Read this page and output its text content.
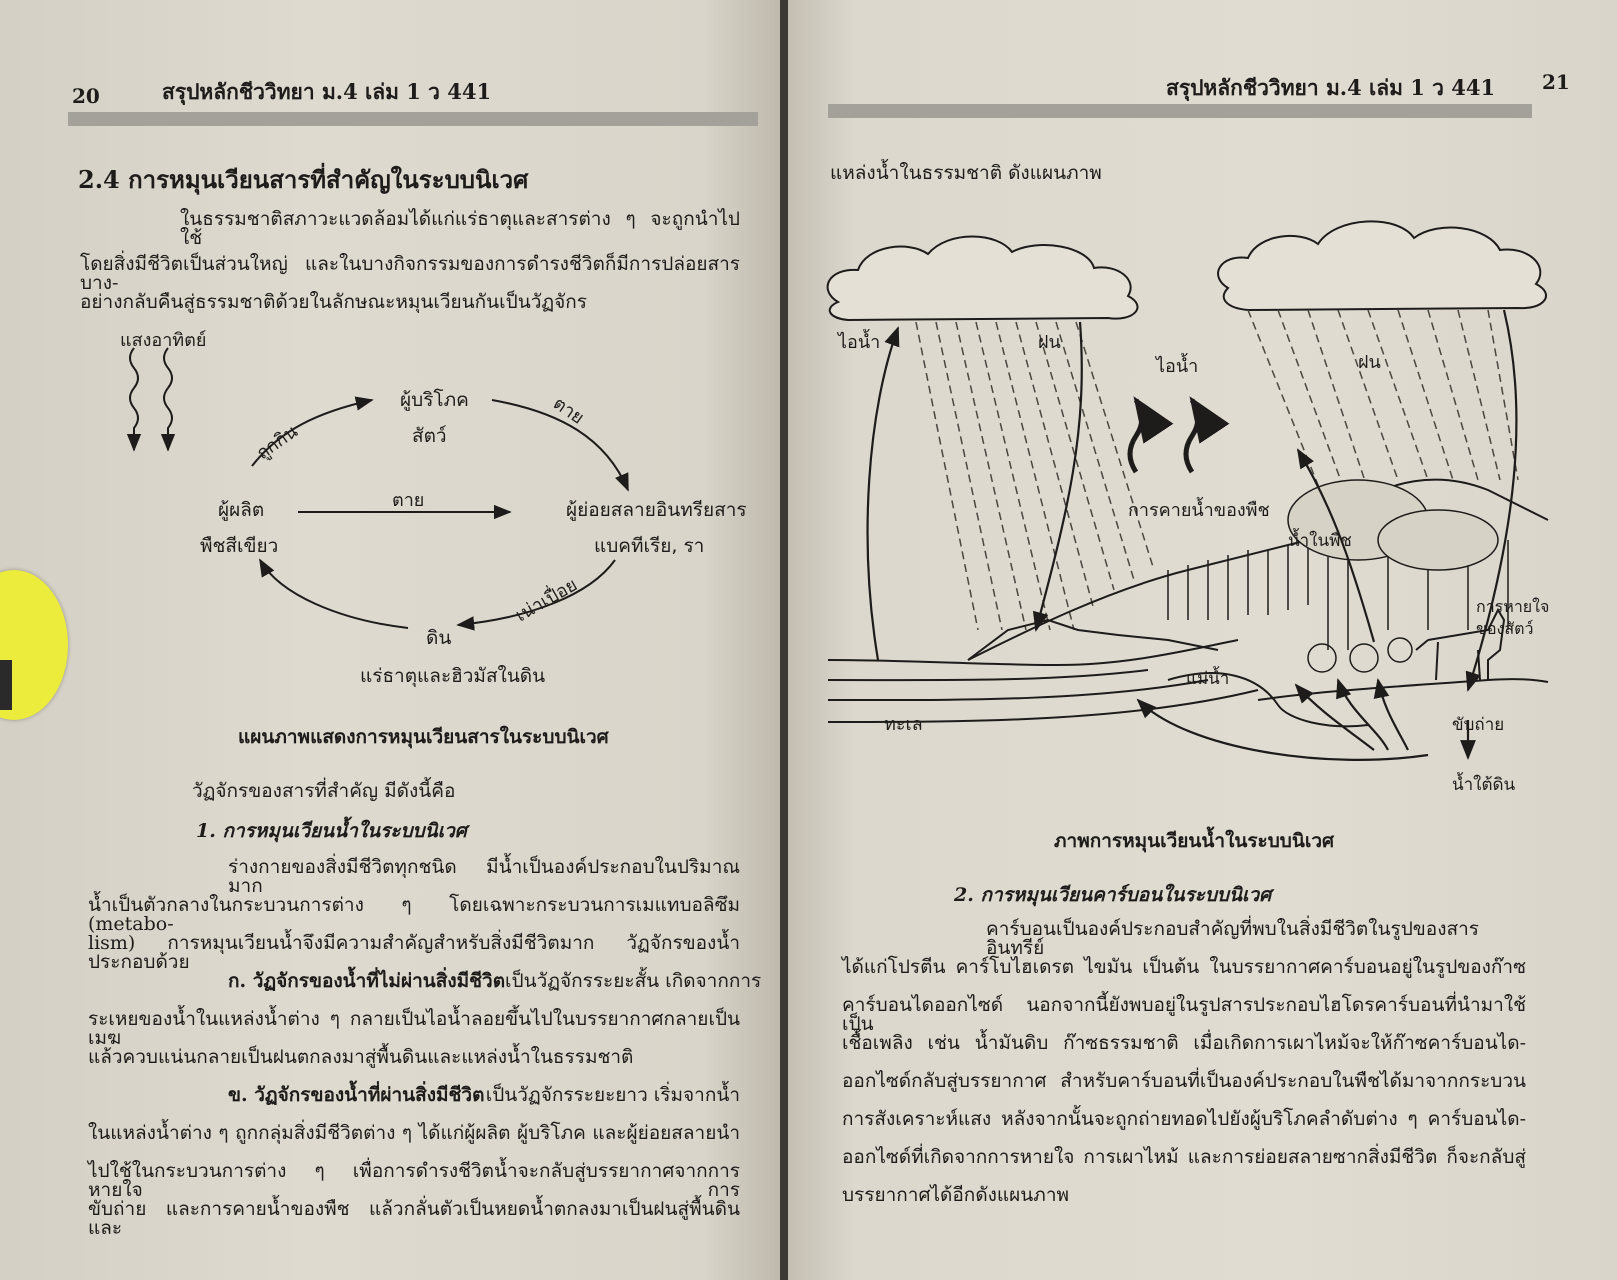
20	สรุปหลักชีววิทยา ม.4 เล่ม 1 ว 441
2.4 การหมุนเวียนสารที่สำคัญในระบบนิเวศ
ในธรรมชาติสภาวะแวดล้อมได้แก่แร่ธาตุและสารต่าง ๆ จะถูกนำไปใช้
โดยสิ่งมีชีวิตเป็นส่วนใหญ่ และในบางกิจกรรมของการดำรงชีวิตก็มีการปล่อยสารบาง-
อย่างกลับคืนสู่ธรรมชาติด้วยในลักษณะหมุนเวียนกันเป็นวัฏจักร
แสงอาทิตย์
ผู้บริโภค
สัตว์
ผู้ผลิต
พืชสีเขียว
ผู้ย่อยสลายอินทรียสาร
แบคทีเรีย, รา
ดิน
แร่ธาตุและฮิวมัสในดิน
ถูกกิน
ตาย
ตาย
เน่าเปื่อย
แผนภาพแสดงการหมุนเวียนสารในระบบนิเวศ
วัฏจักรของสารที่สำคัญ มีดังนี้คือ
1. การหมุนเวียนน้ำในระบบนิเวศ
ร่างกายของสิ่งมีชีวิตทุกชนิด มีน้ำเป็นองค์ประกอบในปริมาณมาก
น้ำเป็นตัวกลางในกระบวนการต่าง ๆ โดยเฉพาะกระบวนการเมแทบอลิซึม (metabo-
lism) การหมุนเวียนน้ำจึงมีความสำคัญสำหรับสิ่งมีชีวิตมาก วัฏจักรของน้ำประกอบด้วย
ก. วัฏจักรของน้ำที่ไม่ผ่านสิ่งมีชีวิต เป็นวัฏจักรระยะสั้น เกิดจากการ
ระเหยของน้ำในแหล่งน้ำต่าง ๆ กลายเป็นไอน้ำลอยขึ้นไปในบรรยากาศกลายเป็นเมฆ
แล้วควบแน่นกลายเป็นฝนตกลงมาสู่พื้นดินและแหล่งน้ำในธรรมชาติ
ข. วัฏจักรของน้ำที่ผ่านสิ่งมีชีวิต เป็นวัฏจักรระยะยาว เริ่มจากน้ำ
ในแหล่งน้ำต่าง ๆ ถูกกลุ่มสิ่งมีชีวิตต่าง ๆ ได้แก่ผู้ผลิต ผู้บริโภค และผู้ย่อยสลายนำ
ไปใช้ในกระบวนการต่าง ๆ เพื่อการดำรงชีวิตน้ำจะกลับสู่บรรยากาศจากการหายใจ การ
ขับถ่าย และการคายน้ำของพืช แล้วกลั่นตัวเป็นหยดน้ำตกลงมาเป็นฝนสู่พื้นดินและ
สรุปหลักชีววิทยา ม.4 เล่ม 1 ว 441 21
แหล่งน้ำในธรรมชาติ ดังแผนภาพ
ไอน้ำ	ฝน
ไอน้ำ	ฝน
การคายน้ำของพืช
น้ำในพืช
การหายใจ
ของสัตว์
แม่น้ำ
ทะเล	ขับถ่าย
น้ำใต้ดิน
ภาพการหมุนเวียนน้ำในระบบนิเวศ
2. การหมุนเวียนคาร์บอนในระบบนิเวศ
คาร์บอนเป็นองค์ประกอบสำคัญที่พบในสิ่งมีชีวิตในรูปของสารอินทรีย์
ได้แก่โปรตีน คาร์โบไฮเดรต ไขมัน เป็นต้น ในบรรยากาศคาร์บอนอยู่ในรูปของก๊าซ
คาร์บอนไดออกไซด์ นอกจากนี้ยังพบอยู่ในรูปสารประกอบไฮโดรคาร์บอนที่นำมาใช้เป็น
เชื้อเพลิง เช่น น้ำมันดิบ ก๊าซธรรมชาติ เมื่อเกิดการเผาไหม้จะให้ก๊าซคาร์บอนได-
ออกไซด์กลับสู่บรรยากาศ สำหรับคาร์บอนที่เป็นองค์ประกอบในพืชได้มาจากกระบวน
การสังเคราะห์แสง หลังจากนั้นจะถูกถ่ายทอดไปยังผู้บริโภคลำดับต่าง ๆ คาร์บอนได-
ออกไซด์ที่เกิดจากการหายใจ การเผาไหม้ และการย่อยสลายซากสิ่งมีชีวิต ก็จะกลับสู่
บรรยากาศได้อีกดังแผนภาพ
